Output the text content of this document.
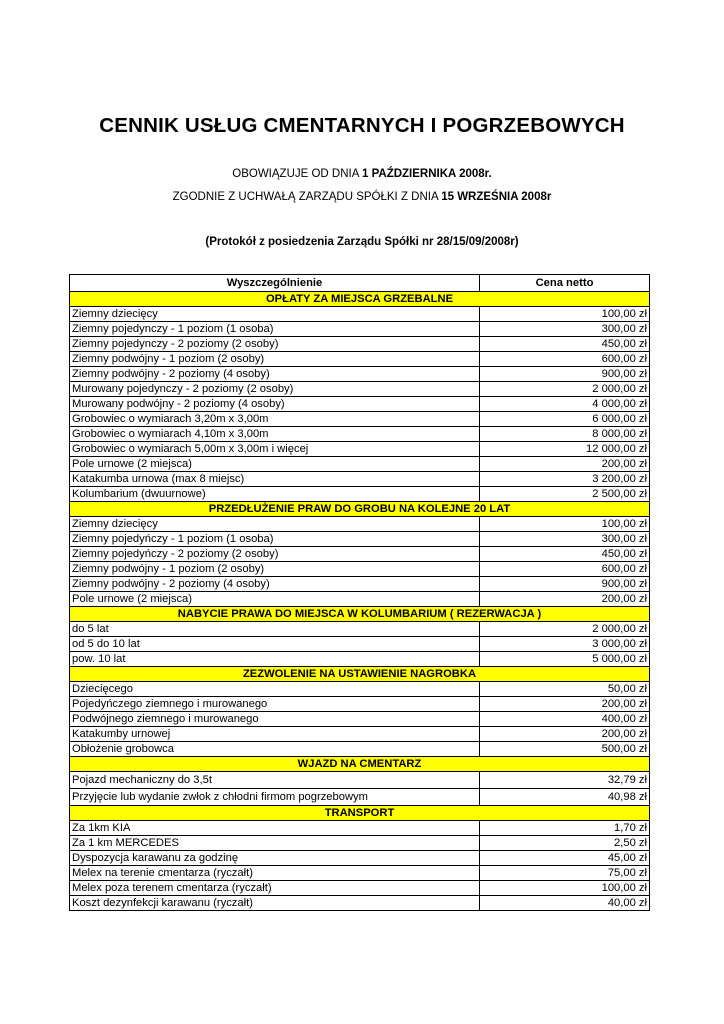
CENNIK USŁUG CMENTARNYCH I POGRZEBOWYCH
OBOWIĄZUJE OD DNIA 1 PAŹDZIERNIKA 2008r.
ZGODNIE Z UCHWAŁĄ ZARZĄDU SPÓŁKI Z DNIA 15 WRZEŚNIA 2008r
(Protokół z posiedzenia Zarządu Spółki nr 28/15/09/2008r)
Wyszczególnienie	Cena netto
OPŁATY ZA MIEJSCA GRZEBALNE	
Ziemny dziecięcy	100,00 zł
Ziemny pojedynczy - 1 poziom (1 osoba)	300,00 zł
Ziemny pojedynczy - 2 poziomy (2 osoby)	450,00 zł
Ziemny podwójny - 1 poziom (2 osoby)	600,00 zł
Ziemny podwójny - 2 poziomy (4 osoby)	900,00 zł
Murowany pojedynczy - 2 poziomy (2 osoby)	2 000,00 zł
Murowany podwójny - 2 poziomy (4 osoby)	4 000,00 zł
Grobowiec o wymiarach 3,20m x 3,00m	6 000,00 zł
Grobowiec o wymiarach 4,10m x 3,00m	8 000,00 zł
Grobowiec o wymiarach 5,00m x 3,00m i więcej	12 000,00 zł
Pole urnowe (2 miejsca)	200,00 zł
Katakumba urnowa (max 8 miejsc)	3 200,00 zł
Kolumbarium (dwuurnowe)	2 500,00 zł
PRZEDŁUŻENIE PRAW DO GROBU NA KOLEJNE 20 LAT	
Ziemny dziecięcy	100,00 zł
Ziemny pojedyńczy - 1 poziom (1 osoba)	300,00 zł
Ziemny pojedyńczy - 2 poziomy (2 osoby)	450,00 zł
Ziemny podwójny - 1 poziom (2 osoby)	600,00 zł
Ziemny podwójny - 2 poziomy (4 osoby)	900,00 zł
Pole urnowe (2 miejsca)	200,00 zł
NABYCIE PRAWA DO MIEJSCA W KOLUMBARIUM ( REZERWACJA )	
do 5 lat	2 000,00 zł
od 5 do 10 lat	3 000,00 zł
pow. 10 lat	5 000,00 zł
ZEZWOLENIE NA USTAWIENIE NAGROBKA	
Dziecięcego	50,00 zł
Pojedyńczego ziemnego i murowanego	200,00 zł
Podwójnego ziemnego i murowanego	400,00 zł
Katakumby urnowej	200,00 zł
Obłożenie grobowca	500,00 zł
WJAZD NA CMENTARZ	
Pojazd mechaniczny do 3,5t	32,79 zł
Przyjęcie lub wydanie zwłok z chłodni firmom pogrzebowym	40,98 zł
TRANSPORT	
Za 1km KIA	1,70 zł
Za 1 km MERCEDES	2,50 zł
Dyspozycja karawanu za godzinę	45,00 zł
Melex na terenie cmentarza (ryczałt)	75,00 zł
Melex poza terenem cmentarza (ryczałt)	100,00 zł
Koszt dezynfekcji karawanu (ryczałt)	40,00 zł
